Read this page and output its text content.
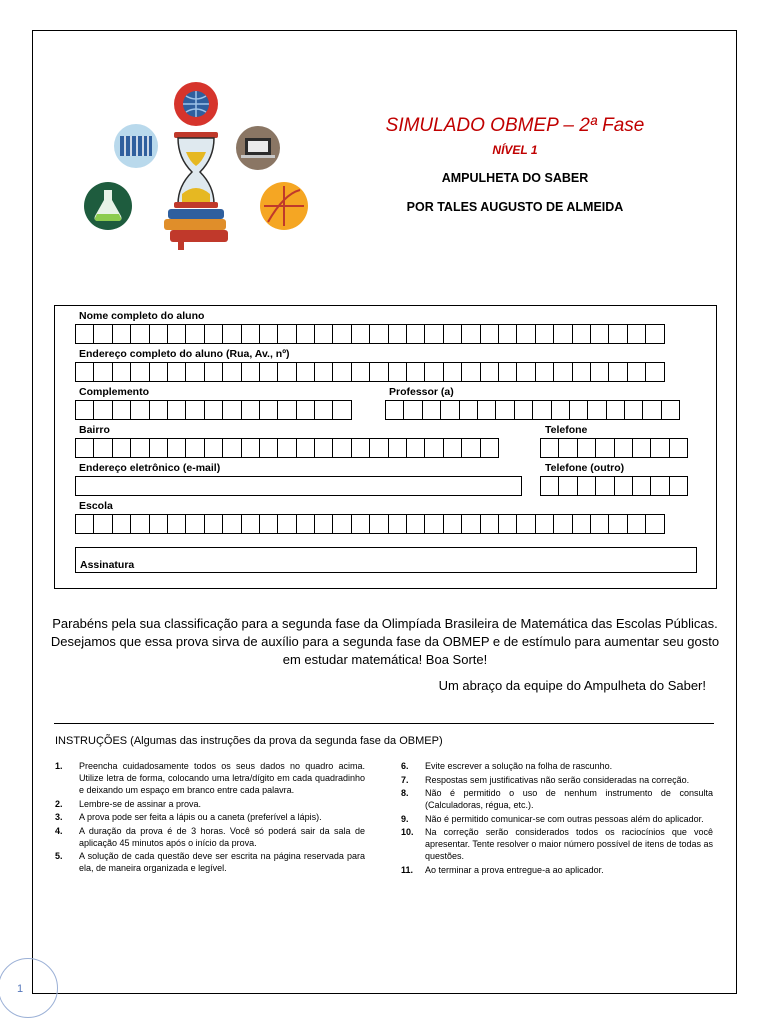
SIMULADO OBMEP – 2ª Fase
NÍVEL 1
AMPULHETA DO SABER
POR TALES AUGUSTO DE ALMEIDA
Nome completo do aluno
Endereço completo do aluno (Rua, Av., nº)
Complemento	Professor (a)
Bairro	Telefone
Endereço eletrônico (e-mail)	Telefone (outro)
Escola
Assinatura
Parabéns pela sua classificação para a segunda fase da Olimpíada Brasileira de Matemática das Escolas Públicas.
Desejamos que essa prova sirva de auxílio para a segunda fase da OBMEP e de estímulo para aumentar seu gosto
em estudar matemática! Boa Sorte!
Um abraço da equipe do Ampulheta do Saber!
INSTRUÇÕES (Algumas das instruções da prova da segunda fase da OBMEP)
1. Preencha cuidadosamente todos os seus dados no quadro acima. Utilize letra de forma, colocando uma letra/dígito em cada quadradinho e deixando um espaço em branco entre cada palavra.
2. Lembre-se de assinar a prova.
3. A prova pode ser feita a lápis ou a caneta (preferível a lápis).
4. A duração da prova é de 3 horas. Você só poderá sair da sala de aplicação 45 minutos após o início da prova.
5. A solução de cada questão deve ser escrita na página reservada para ela, de maneira organizada e legível.
6. Evite escrever a solução na folha de rascunho.
7. Respostas sem justificativas não serão consideradas na correção.
8. Não é permitido o uso de nenhum instrumento de consulta (Calculadoras, régua, etc.).
9. Não é permitido comunicar-se com outras pessoas além do aplicador.
10. Na correção serão considerados todos os raciocínios que você apresentar. Tente resolver o maior número possível de itens de todas as questões.
11. Ao terminar a prova entregue-a ao aplicador.
1
